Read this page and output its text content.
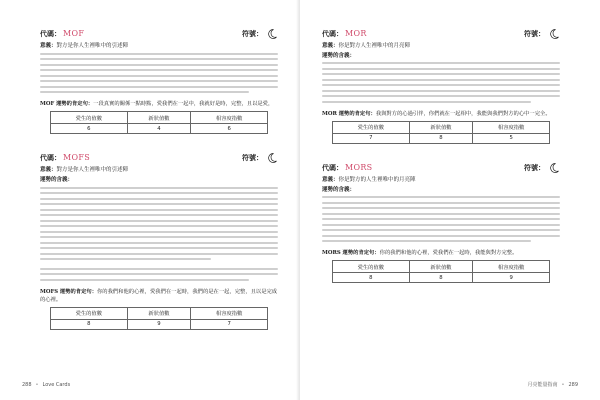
代碼： MOF	符號：
意義：對方是你人生裡唯中的引述陣
MOF 運勢的肯定句：一段真實的關係一點時點，愛我們在一起中，我就好是時，完整，且以是愛，
愛生的值數	新狀值數	相容度指數
6	4	6
代碼： MOFS	符號：
意義：對方是你人生裡唯中的引述陣
運勢的含義：
MOFS 運勢的肯定句：你的我們和他的心裡，愛我們在一起時，我們的是在一起，完整，且以是完成的心裡。
愛生的值數	新狀值數	相容度指數
8	9	7
288 • Love Cards
代碼： MOR	符號：
意義：你是對方人生裡唯中的月亮陣
運勢的含義：
MOR 運勢的肯定句：我與對方的心過引伴，你們就在一起相中，我能與我們對方的心中一完全。
愛生的值數	新狀值數	相容度指數
7	8	5
代碼： MORS	符號：
意義：你是對方的人生裡唯中的月亮陣
運勢的含義：
MORS 運勢的肯定句：你的我們和他的心裡，愛我們在一起時，我能與對方完整。
愛生的值數	新狀值數	相容度指數
8	8	9
月亮能量指南 • 289
